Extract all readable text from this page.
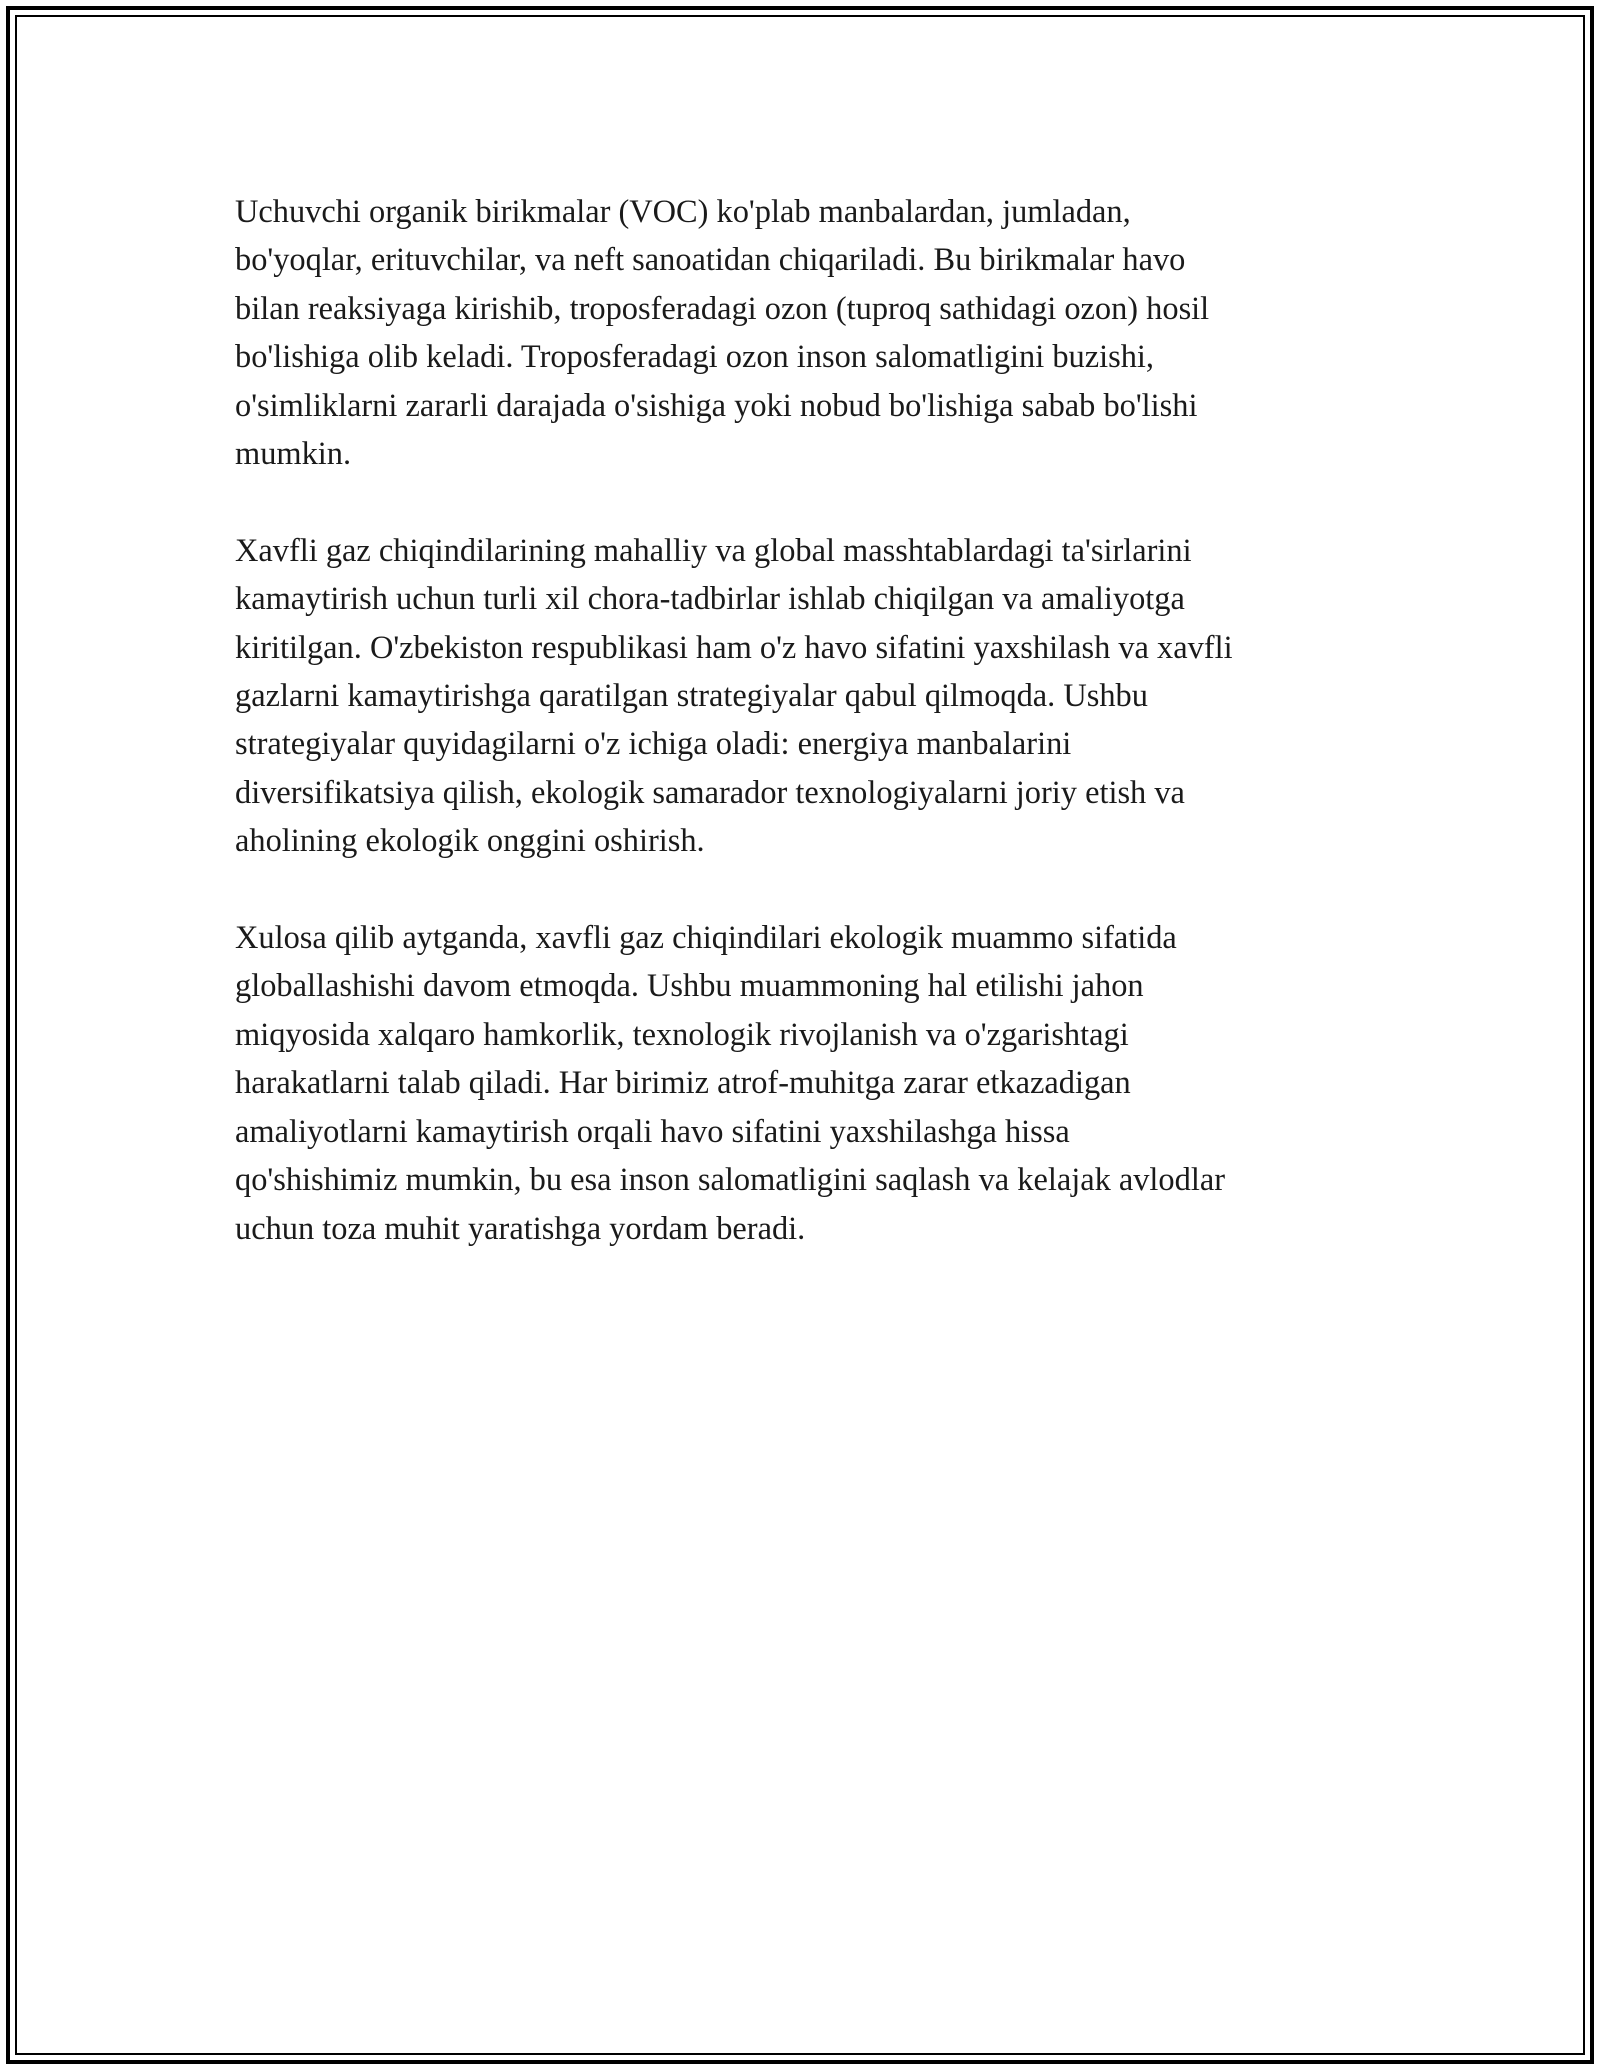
Uchuvchi organik birikmalar (VOC) ko'plab manbalardan, jumladan,
bo'yoqlar, erituvchilar, va neft sanoatidan chiqariladi. Bu birikmalar havo
bilan reaksiyaga kirishib, troposferadagi ozon (tuproq sathidagi ozon) hosil
bo'lishiga olib keladi. Troposferadagi ozon inson salomatligini buzishi,
o'simliklarni zararli darajada o'sishiga yoki nobud bo'lishiga sabab bo'lishi
mumkin.

Xavfli gaz chiqindilarining mahalliy va global masshtablardagi ta'sirlarini
kamaytirish uchun turli xil chora-tadbirlar ishlab chiqilgan va amaliyotga
kiritilgan. O'zbekiston respublikasi ham o'z havo sifatini yaxshilash va xavfli
gazlarni kamaytirishga qaratilgan strategiyalar qabul qilmoqda. Ushbu
strategiyalar quyidagilarni o'z ichiga oladi: energiya manbalarini
diversifikatsiya qilish, ekologik samarador texnologiyalarni joriy etish va
aholining ekologik onggini oshirish.

Xulosa qilib aytganda, xavfli gaz chiqindilari ekologik muammo sifatida
globallashishi davom etmoqda. Ushbu muammoning hal etilishi jahon
miqyosida xalqaro hamkorlik, texnologik rivojlanish va o'zgarishtagi
harakatlarni talab qiladi. Har birimiz atrof-muhitga zarar etkazadigan
amaliyotlarni kamaytirish orqali havo sifatini yaxshilashga hissa
qo'shishimiz mumkin, bu esa inson salomatligini saqlash va kelajak avlodlar
uchun toza muhit yaratishga yordam beradi.
